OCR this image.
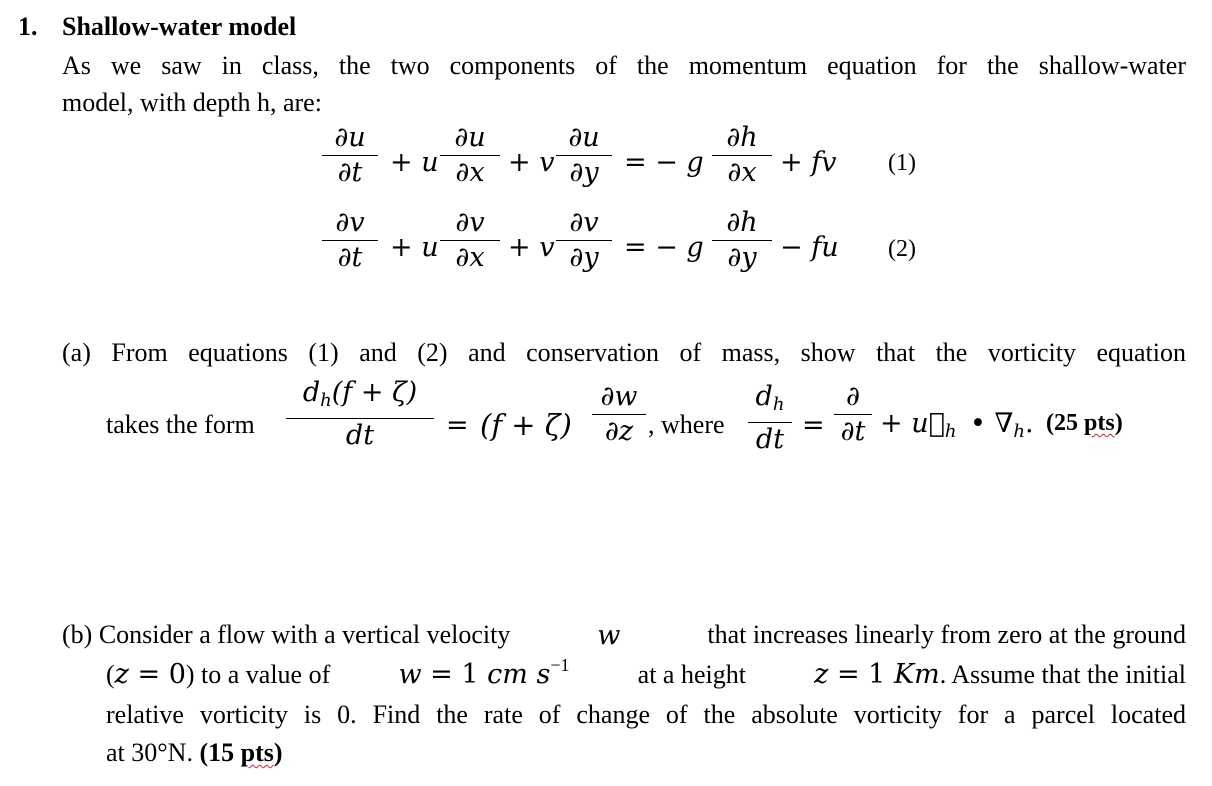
1. Shallow-water model
As we saw in class, the two components of the momentum equation for the shallow-water
model, with depth h, are:
∂u
∂t + u
∂u
∂x + v
∂u
∂y = − g
∂h
∂x + fv (1)
∂v
∂t + u
∂v
∂x + v
∂v
∂y = − g
∂h
∂y − fu (2)
(a) From equations (1) and (2) and conservation of mass, show that the vorticity equation
takes the form
$d_h(f + \zeta)$
dt	= (f + ζ)
∂w
∂z , where
$d_h$
dt =
∂
$\partial t + u⃗_h$ • $\nabla_h$. (25 pts)
(b) Consider a flow with a vertical velocity	w	that increases linearly from zero at the ground
(z = 0) to a value of	w = 1 cm $s^{-1}$	at a height	z = 1 Km. Assume that the initial
relative vorticity is 0. Find the rate of change of the absolute vorticity for a parcel located
at 30°N. (15 pts)
